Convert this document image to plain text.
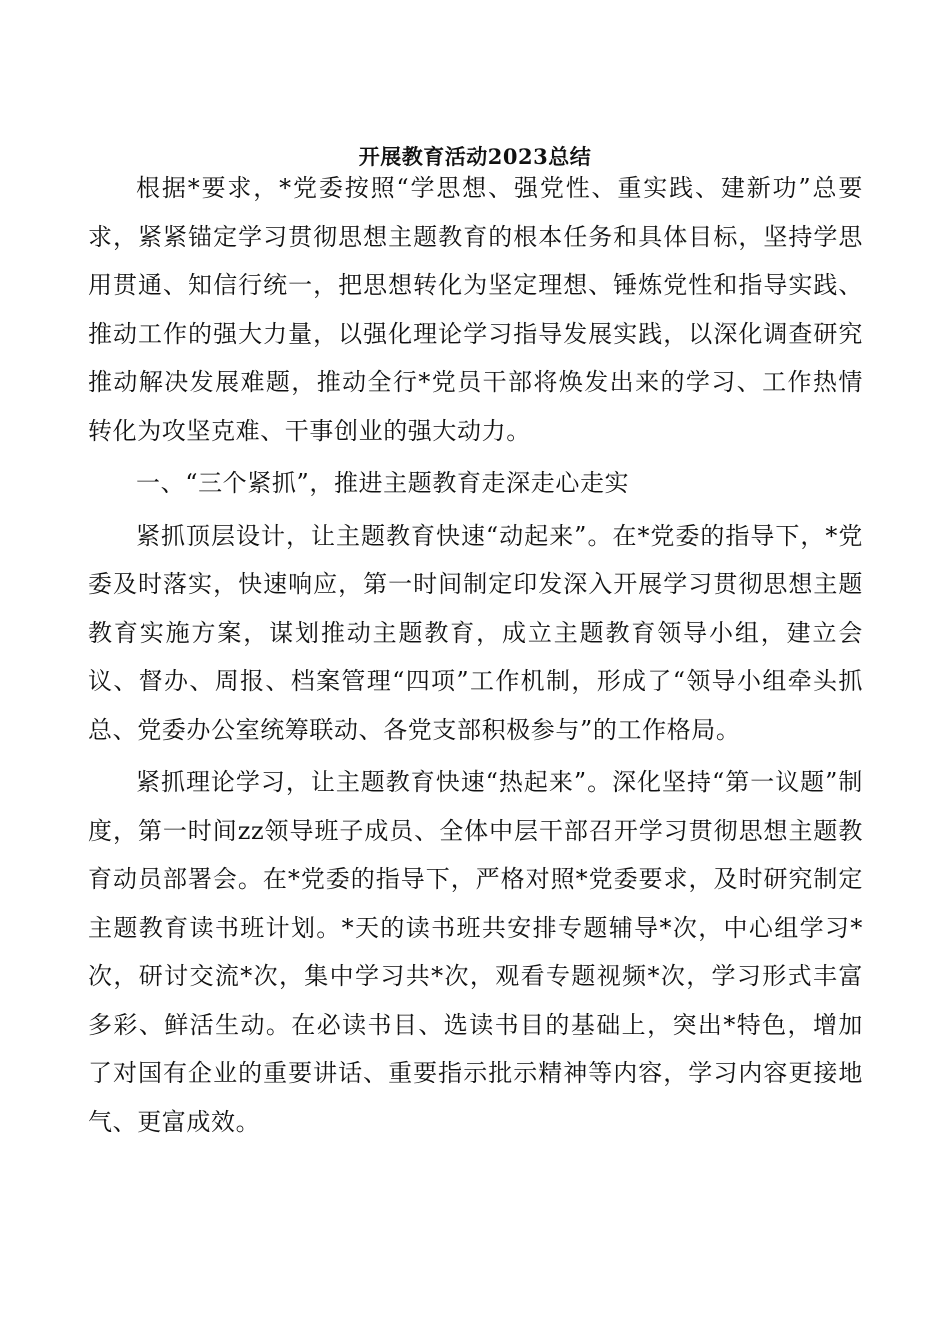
开展教育活动2023总结

根据*要求，*党委按照“学思想、强党性、重实践、建新功”总要求，紧紧锚定学习贯彻思想主题教育的根本任务和具体目标，坚持学思用贯通、知信行统一，把思想转化为坚定理想、锤炼党性和指导实践、推动工作的强大力量，以强化理论学习指导发展实践，以深化调查研究推动解决发展难题，推动全行*党员干部将焕发出来的学习、工作热情转化为攻坚克难、干事创业的强大动力。

一、“三个紧抓”，推进主题教育走深走心走实

紧抓顶层设计，让主题教育快速“动起来”。在*党委的指导下，*党委及时落实，快速响应，第一时间制定印发深入开展学习贯彻思想主题教育实施方案，谋划推动主题教育，成立主题教育领导小组，建立会议、督办、周报、档案管理“四项”工作机制，形成了“领导小组牵头抓总、党委办公室统筹联动、各党支部积极参与”的工作格局。

紧抓理论学习，让主题教育快速“热起来”。深化坚持“第一议题”制度，第一时间zz领导班子成员、全体中层干部召开学习贯彻思想主题教育动员部署会。在*党委的指导下，严格对照*党委要求，及时研究制定主题教育读书班计划。*天的读书班共安排专题辅导*次，中心组学习*次，研讨交流*次，集中学习共*次，观看专题视频*次，学习形式丰富多彩、鲜活生动。在必读书目、选读书目的基础上，突出*特色，增加了对国有企业的重要讲话、重要指示批示精神等内容，学习内容更接地气、更富成效。
